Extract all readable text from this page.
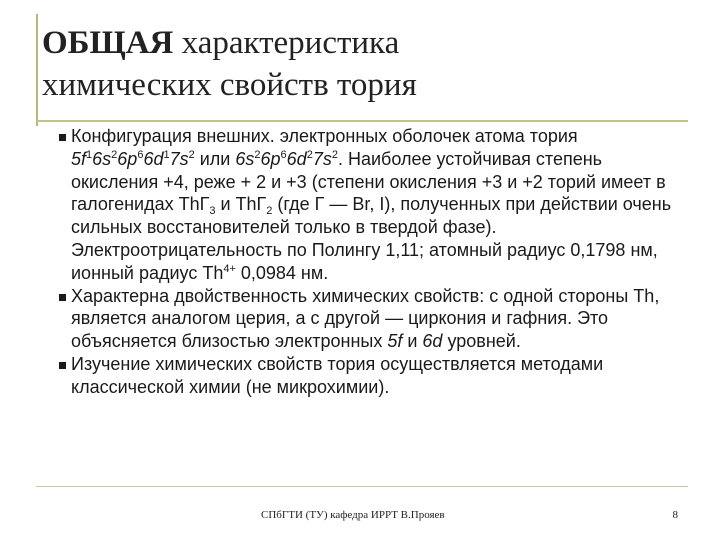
ОБЩАЯ характеристика
химических свойств тория
Конфигурация внешних. электронных оболочек атома тория $5f^16s^26p^66d^17s^2$ или $6s^26p^66d^27s^2$. Наиболее устойчивая степень окисления +4, реже + 2 и +3 (степени окисления +3 и +2 торий имеет в галогенидах ThГ$_3$ и ThГ$_2$ (где Г — Br, I), полученных при действии очень сильных восстановителей только в твердой фазе). Электроотрицательность по Полингу 1,11; атомный радиус 0,1798 нм, ионный радиус $Th^{4+}$ 0,0984 нм.
Характерна двойственность химических свойств: с одной стороны Th, является аналогом церия, а с другой — циркония и гафния. Это объясняется близостью электронных 5f и 6d уровней.
Изучение химических свойств тория осуществляется методами классической химии (не микрохимии).
СПбГТИ (ТУ) кафедра ИРРТ В.Прояев	8
